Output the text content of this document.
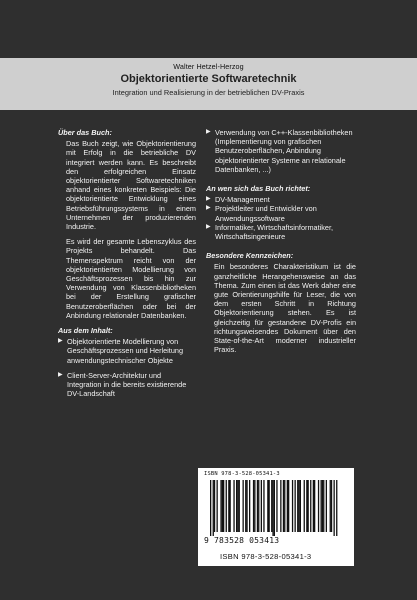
Walter Hetzel-Herzog
Objektorientierte Softwaretechnik
Integration und Realisierung in der betrieblichen DV-Praxis
Über das Buch:
Das Buch zeigt, wie Objektorientierung mit Erfolg in die betriebliche DV integriert werden kann. Es beschreibt den erfolgreichen Einsatz objektorientierter Softwaretechniken anhand eines konkreten Beispiels: Die objektorientierte Entwicklung eines Betriebsführungssystems in einem Unternehmen der produzierenden Industrie.
Es wird der gesamte Lebenszyklus des Projekts behandelt. Das Themenspektrum reicht von der objektorientierten Modellierung von Geschäftsprozessen bis hin zur Verwendung von Klassenbibliotheken bei der Erstellung grafischer Benutzeroberflächen oder bei der Anbindung relationaler Datenbanken.
Aus dem Inhalt:
▶ Objektorientierte Modellierung von Geschäftsprozessen und Herleitung anwendungstechnischer Objekte
▶ Client-Server-Architektur und Integration in die bereits existierende DV-Landschaft
▶ Verwendung von C++-Klassenbibliotheken (Implementierung von grafischen Benutzeroberflächen, Anbindung objektorientierter Systeme an relationale Datenbanken, ...)
An wen sich das Buch richtet:
▶ DV-Management
▶ Projektleiter und Entwickler von Anwendungssoftware
▶ Informatiker, Wirtschaftsinformatiker, Wirtschaftsingenieure
Besondere Kennzeichen:
Ein besonderes Charakteristikum ist die ganzheitliche Herangehensweise an das Thema. Zum einen ist das Werk daher eine gute Orientierungshilfe für Leser, die von dem ersten Schritt in Richtung Objektorientierung stehen. Es ist gleichzeitig für gestandene DV-Profis ein richtungsweisendes Dokument über den State-of-the-Art moderner industrieller Praxis.
ISBN 978-3-528-05341-3
9 783528 053413
ISBN 978-3-528-05341-3
